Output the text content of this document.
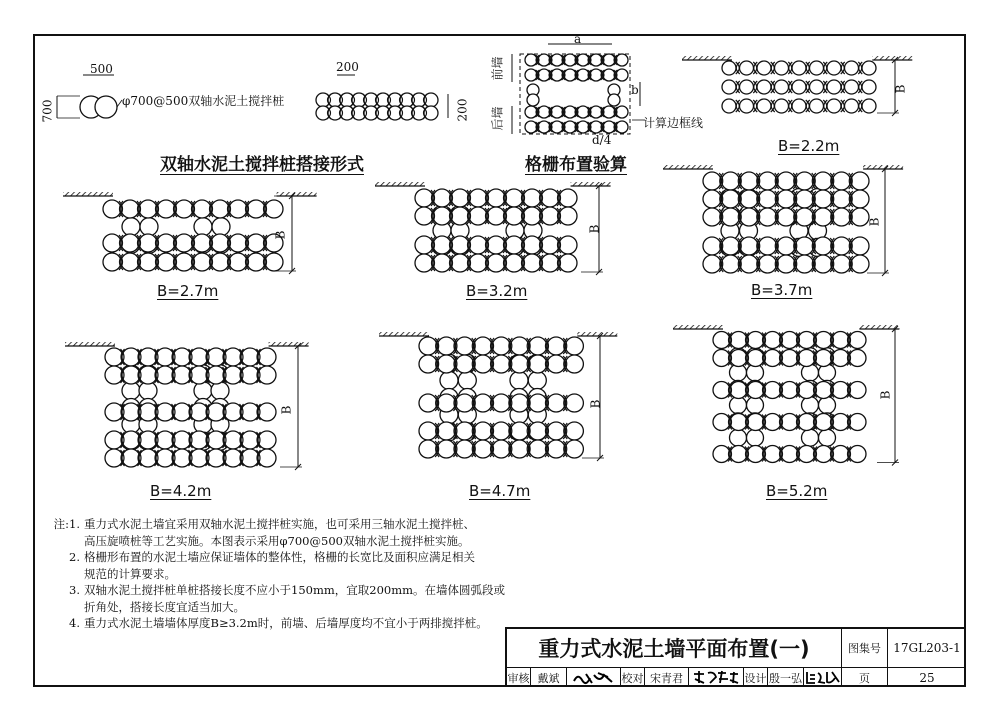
500
700	φ700@500双轴水泥土搅拌桩
200
200
双轴水泥土搅拌桩搭接形式
a
b
前墙
后墙
d/4
计算边框线
格栅布置验算
B
B
B
B
B
B
B
B=2.2m
B=2.7m	B=3.2m	B=3.7m
B=4.2m	B=4.7m	B=5.2m
注:1. 重力式水泥土墙宜采用双轴水泥土搅拌桩实施，也可采用三轴水泥土搅拌桩、
高压旋喷桩等工艺实施。本图表示采用φ700@500双轴水泥土搅拌桩实施。
2. 格栅形布置的水泥土墙应保证墙体的整体性，格栅的长宽比及面积应满足相关
规范的计算要求。
3. 双轴水泥土搅拌桩单桩搭接长度不应小于150mm，宜取200mm。在墙体圆弧段或
折角处，搭接长度宜适当加大。
4. 重力式水泥土墙墙体厚度B≥3.2m时，前墙、后墙厚度均不宜小于两排搅拌桩。
重力式水泥土墙平面布置(一)	图集号	17GL203-1
审核 戴斌	校对 宋青君	设计 殷一弘	页	25
